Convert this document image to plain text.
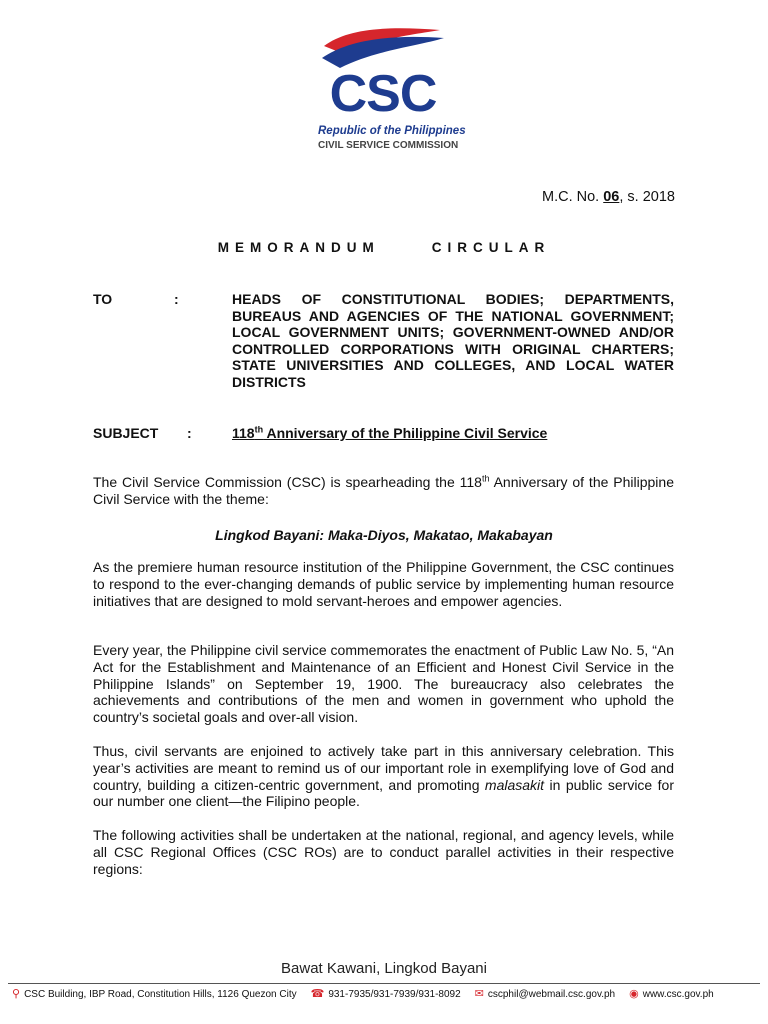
CSC
Republic of the Philippines
CIVIL SERVICE COMMISSION
M.C. No. 06, s. 2018
MEMORANDUM	CIRCULAR
TO	:	HEADS OF CONSTITUTIONAL BODIES; DEPARTMENTS, BUREAUS AND AGENCIES OF THE NATIONAL GOVERNMENT; LOCAL GOVERNMENT UNITS; GOVERNMENT-OWNED AND/OR CONTROLLED CORPORATIONS WITH ORIGINAL CHARTERS; STATE UNIVERSITIES AND COLLEGES, AND LOCAL WATER DISTRICTS
SUBJECT :	118th Anniversary of the Philippine Civil Service

The Civil Service Commission (CSC) is spearheading the 118th Anniversary of the Philippine Civil Service with the theme:

Lingkod Bayani: Maka-Diyos, Makatao, Makabayan

As the premiere human resource institution of the Philippine Government, the CSC continues to respond to the ever-changing demands of public service by implementing human resource initiatives that are designed to mold servant-heroes and empower agencies.

Every year, the Philippine civil service commemorates the enactment of Public Law No. 5, “An Act for the Establishment and Maintenance of an Efficient and Honest Civil Service in the Philippine Islands” on September 19, 1900. The bureaucracy also celebrates the achievements and contributions of the men and women in government who uphold the country’s societal goals and over-all vision.

Thus, civil servants are enjoined to actively take part in this anniversary celebration. This year’s activities are meant to remind us of our important role in exemplifying love of God and country, building a citizen-centric government, and promoting malasakit in public service for our number one client—the Filipino people.

The following activities shall be undertaken at the national, regional, and agency levels, while all CSC Regional Offices (CSC ROs) are to conduct parallel activities in their respective regions:

Bawat Kawani, Lingkod Bayani
⚲ CSC Building, IBP Road, Constitution Hills, 1126 Quezon City ☎ 931-7935/931-7939/931-8092 ✉ cscphil@webmail.csc.gov.ph ◉ www.csc.gov.ph
